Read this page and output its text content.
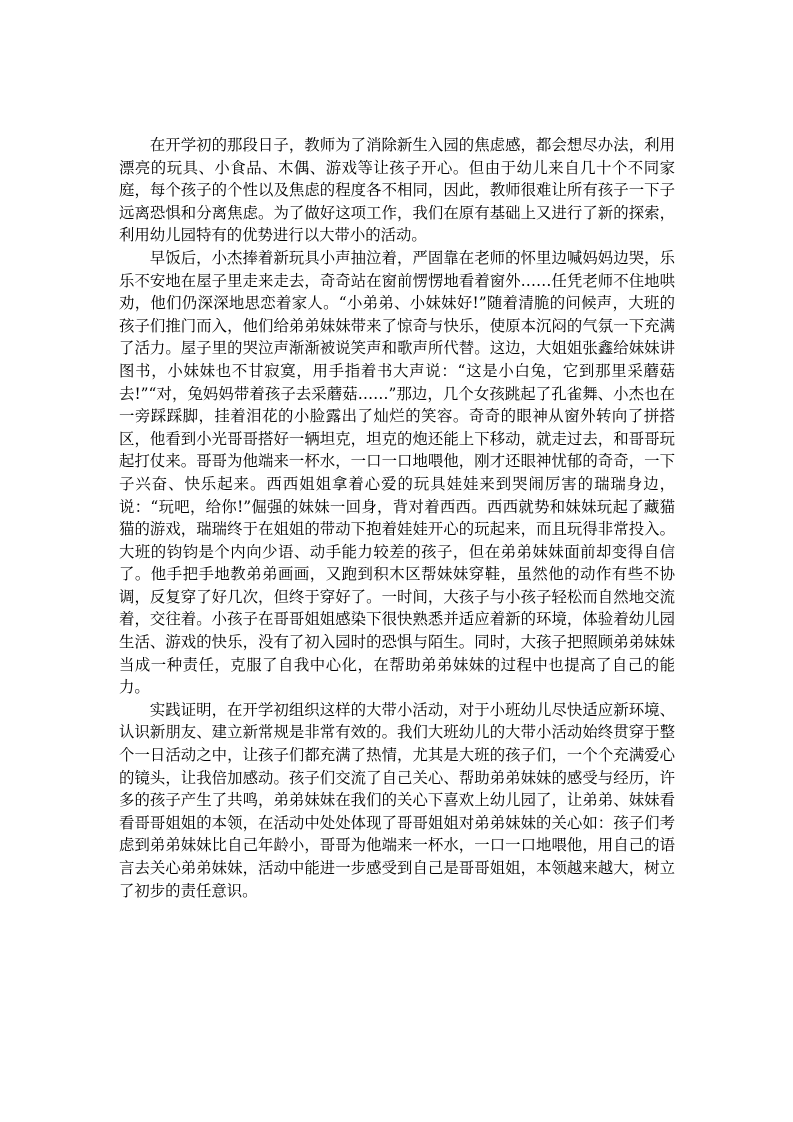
在开学初的那段日子，教师为了消除新生入园的焦虑感，都会想尽办法，利用漂亮的玩具、小食品、木偶、游戏等让孩子开心。但由于幼儿来自几十个不同家庭，每个孩子的个性以及焦虑的程度各不相同，因此，教师很难让所有孩子一下子远离恐惧和分离焦虑。为了做好这项工作，我们在原有基础上又进行了新的探索，利用幼儿园特有的优势进行以大带小的活动。

早饭后，小杰捧着新玩具小声抽泣着，严固靠在老师的怀里边喊妈妈边哭，乐乐不安地在屋子里走来走去，奇奇站在窗前愣愣地看着窗外……任凭老师不住地哄劝，他们仍深深地思恋着家人。“小弟弟、小妹妹好!”随着清脆的问候声，大班的孩子们推门而入，他们给弟弟妹妹带来了惊奇与快乐，使原本沉闷的气氛一下充满了活力。屋子里的哭泣声渐渐被说笑声和歌声所代替。这边，大姐姐张鑫给妹妹讲图书，小妹妹也不甘寂寞，用手指着书大声说：“这是小白兔，它到那里采蘑菇去!”“对，兔妈妈带着孩子去采蘑菇……”那边，几个女孩跳起了孔雀舞、小杰也在一旁踩踩脚，挂着泪花的小脸露出了灿烂的笑容。奇奇的眼神从窗外转向了拼搭区，他看到小光哥哥搭好一辆坦克，坦克的炮还能上下移动，就走过去，和哥哥玩起打仗来。哥哥为他端来一杯水，一口一口地喂他，刚才还眼神忧郁的奇奇，一下子兴奋、快乐起来。西西姐姐拿着心爱的玩具娃娃来到哭闹厉害的瑞瑞身边，说：“玩吧，给你!”倔强的妹妹一回身，背对着西西。西西就势和妹妹玩起了藏猫猫的游戏，瑞瑞终于在姐姐的带动下抱着娃娃开心的玩起来，而且玩得非常投入。大班的钧钧是个内向少语、动手能力较差的孩子，但在弟弟妹妹面前却变得自信了。他手把手地教弟弟画画，又跑到积木区帮妹妹穿鞋，虽然他的动作有些不协调，反复穿了好几次，但终于穿好了。一时间，大孩子与小孩子轻松而自然地交流着，交往着。小孩子在哥哥姐姐感染下很快熟悉并适应着新的环境，体验着幼儿园生活、游戏的快乐，没有了初入园时的恐惧与陌生。同时，大孩子把照顾弟弟妹妹当成一种责任，克服了自我中心化，在帮助弟弟妹妹的过程中也提高了自己的能力。

实践证明，在开学初组织这样的大带小活动，对于小班幼儿尽快适应新环境、认识新朋友、建立新常规是非常有效的。我们大班幼儿的大带小活动始终贯穿于整个一日活动之中，让孩子们都充满了热情，尤其是大班的孩子们，一个个充满爱心的镜头，让我倍加感动。孩子们交流了自己关心、帮助弟弟妹妹的感受与经历，许多的孩子产生了共鸣，弟弟妹妹在我们的关心下喜欢上幼儿园了，让弟弟、妹妹看看哥哥姐姐的本领，在活动中处处体现了哥哥姐姐对弟弟妹妹的关心如：孩子们考虑到弟弟妹妹比自己年龄小，哥哥为他端来一杯水，一口一口地喂他，用自己的语言去关心弟弟妹妹，活动中能进一步感受到自己是哥哥姐姐，本领越来越大，树立了初步的责任意识。
